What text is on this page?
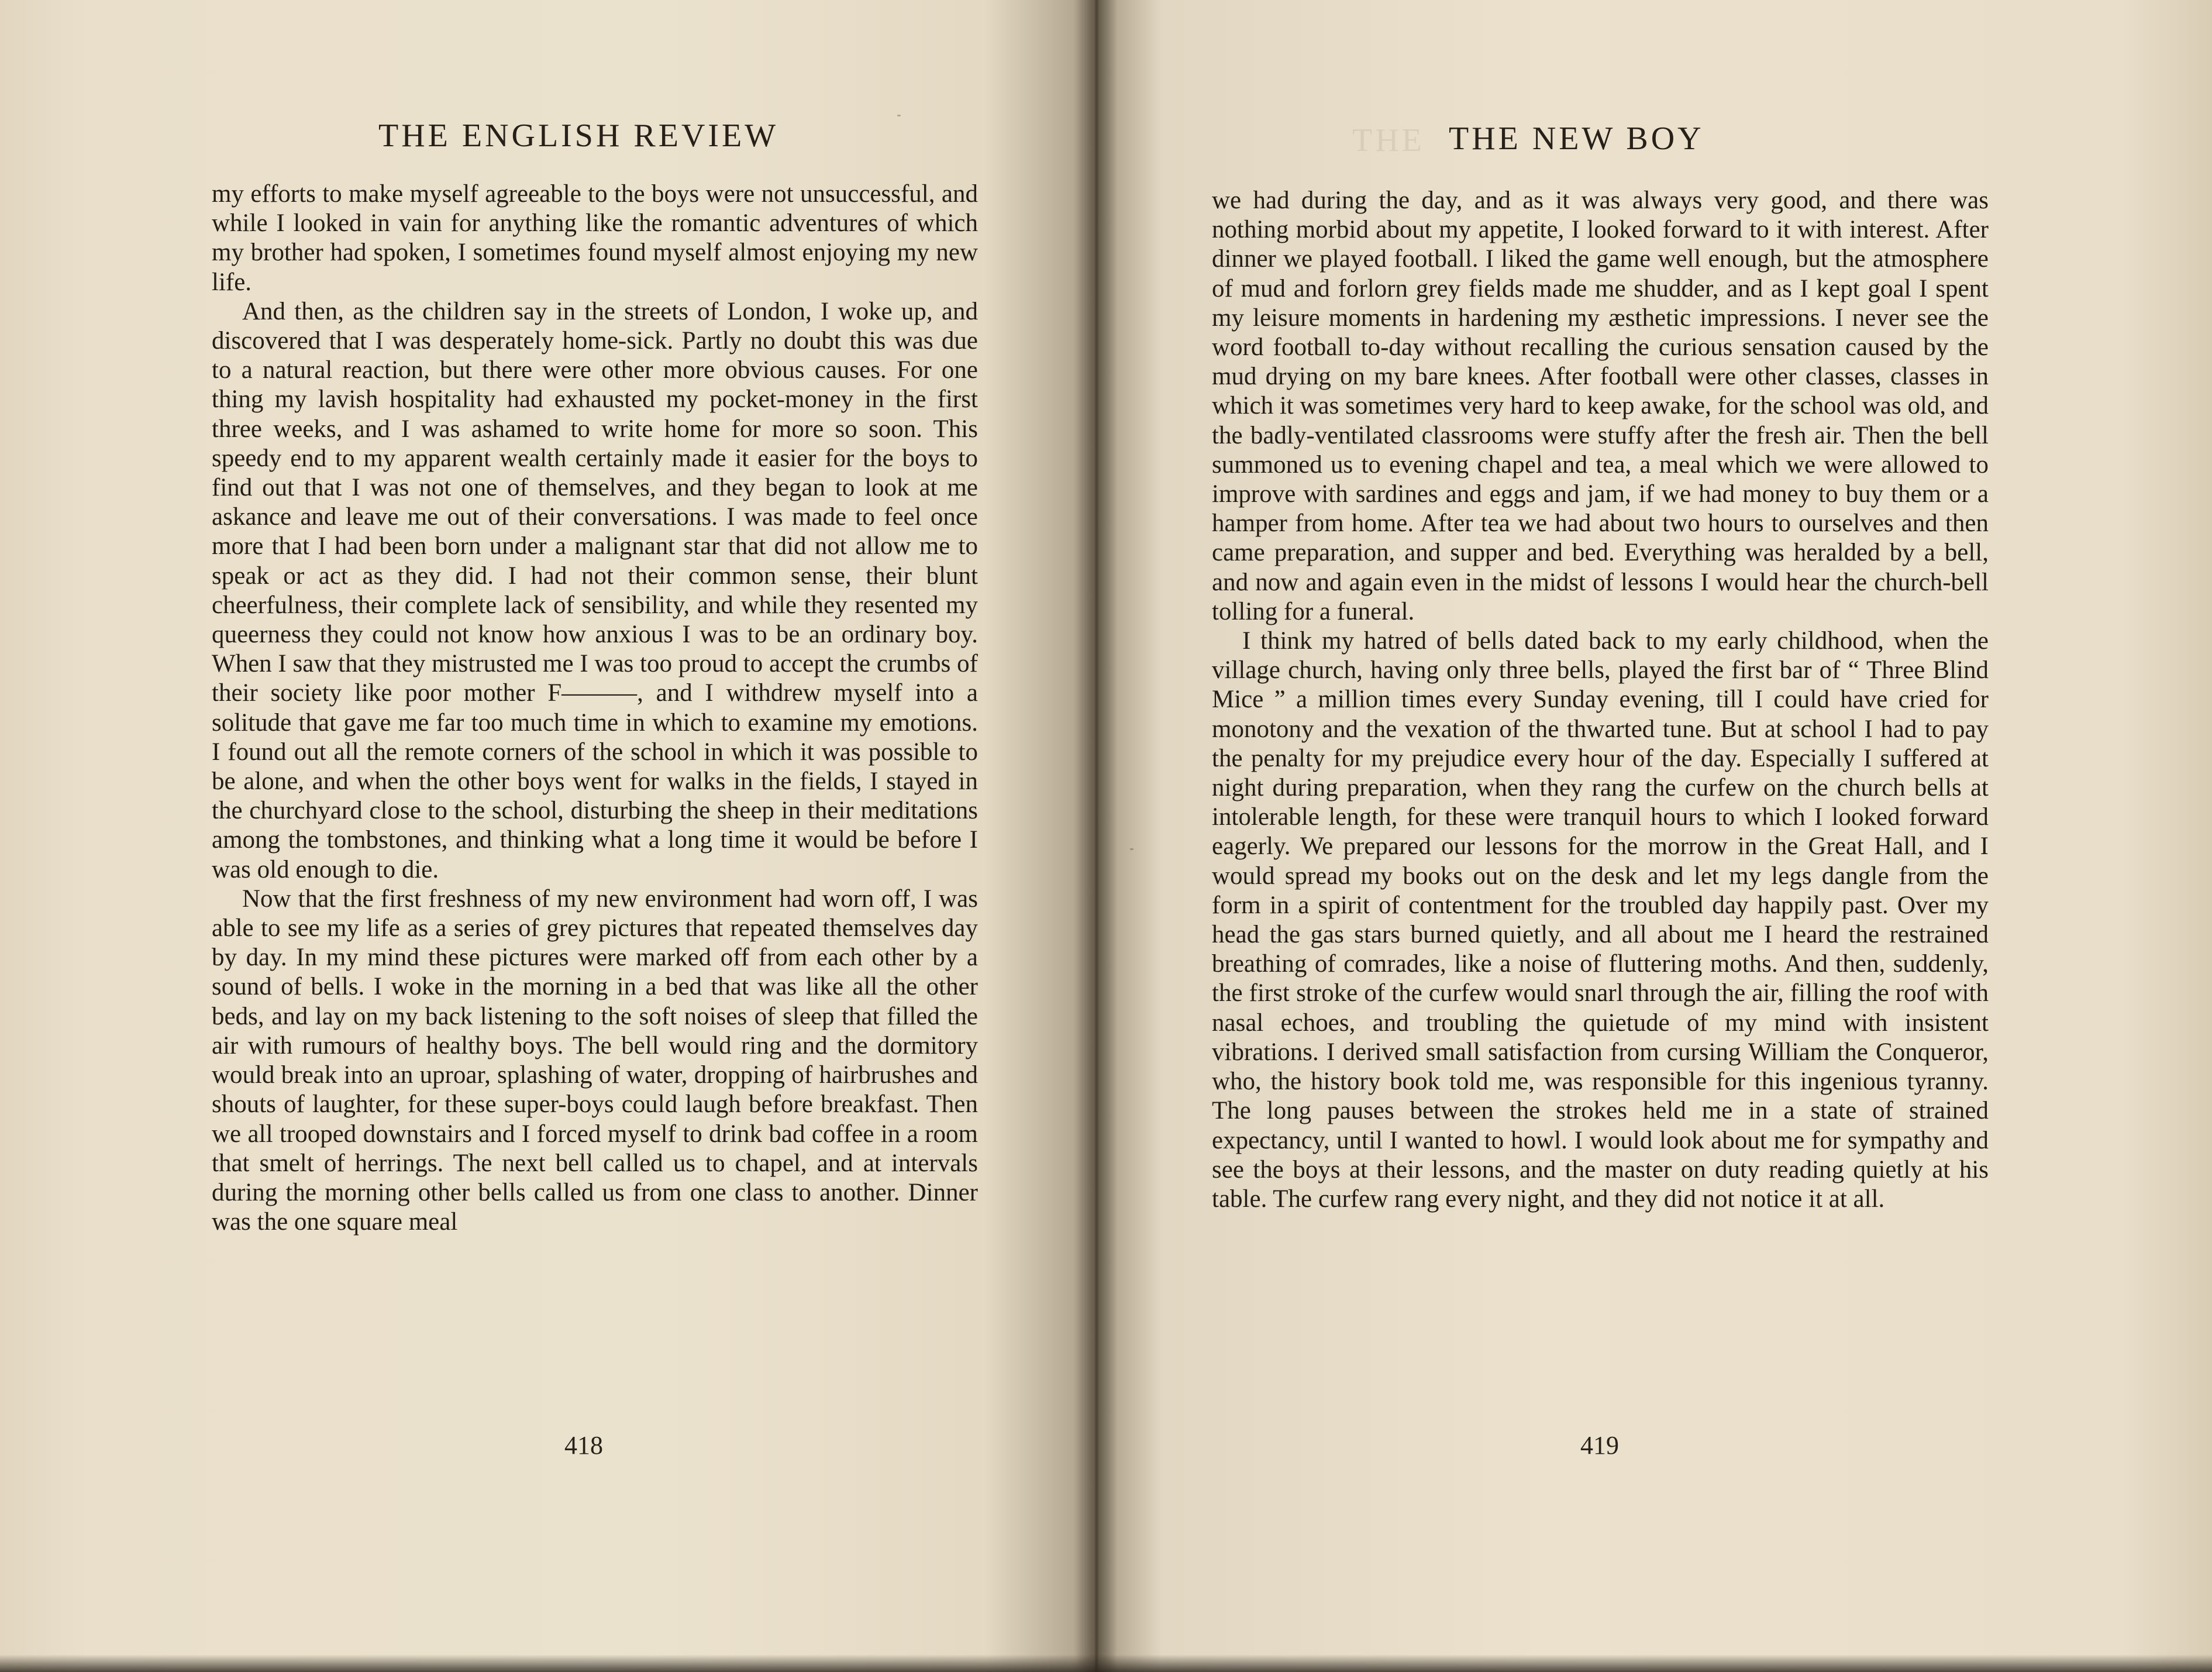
THE ENGLISH REVIEW

my efforts to make myself agreeable to the boys were not unsuccessful, and while I looked in vain for anything like the romantic adventures of which my brother had spoken, I sometimes found myself almost enjoying my new life.

And then, as the children say in the streets of London, I woke up, and discovered that I was desperately home-sick. Partly no doubt this was due to a natural reaction, but there were other more obvious causes. For one thing my lavish hospitality had exhausted my pocket-money in the first three weeks, and I was ashamed to write home for more so soon. This speedy end to my apparent wealth certainly made it easier for the boys to find out that I was not one of themselves, and they began to look at me askance and leave me out of their conversations. I was made to feel once more that I had been born under a malignant star that did not allow me to speak or act as they did. I had not their common sense, their blunt cheerfulness, their complete lack of sensibility, and while they resented my queerness they could not know how anxious I was to be an ordinary boy. When I saw that they mistrusted me I was too proud to accept the crumbs of their society like poor mother F———, and I withdrew myself into a solitude that gave me far too much time in which to examine my emotions. I found out all the remote corners of the school in which it was possible to be alone, and when the other boys went for walks in the fields, I stayed in the churchyard close to the school, disturbing the sheep in their meditations among the tombstones, and thinking what a long time it would be before I was old enough to die.

Now that the first freshness of my new environment had worn off, I was able to see my life as a series of grey pictures that repeated themselves day by day. In my mind these pictures were marked off from each other by a sound of bells. I woke in the morning in a bed that was like all the other beds, and lay on my back listening to the soft noises of sleep that filled the air with rumours of healthy boys. The bell would ring and the dormitory would break into an uproar, splashing of water, dropping of hairbrushes and shouts of laughter, for these super-boys could laugh before breakfast. Then we all trooped downstairs and I forced myself to drink bad coffee in a room that smelt of herrings. The next bell called us to chapel, and at intervals during the morning other bells called us from one class to another. Dinner was the one square meal

418
THE THE NEW BOY

we had during the day, and as it was always very good, and there was nothing morbid about my appetite, I looked forward to it with interest. After dinner we played football. I liked the game well enough, but the atmosphere of mud and forlorn grey fields made me shudder, and as I kept goal I spent my leisure moments in hardening my æsthetic impressions. I never see the word football to-day without recalling the curious sensation caused by the mud drying on my bare knees. After football were other classes, classes in which it was sometimes very hard to keep awake, for the school was old, and the badly-ventilated classrooms were stuffy after the fresh air. Then the bell summoned us to evening chapel and tea, a meal which we were allowed to improve with sardines and eggs and jam, if we had money to buy them or a hamper from home. After tea we had about two hours to ourselves and then came preparation, and supper and bed. Everything was heralded by a bell, and now and again even in the midst of lessons I would hear the church-bell tolling for a funeral.

I think my hatred of bells dated back to my early childhood, when the village church, having only three bells, played the first bar of “ Three Blind Mice ” a million times every Sunday evening, till I could have cried for monotony and the vexation of the thwarted tune. But at school I had to pay the penalty for my prejudice every hour of the day. Especially I suffered at night during preparation, when they rang the curfew on the church bells at intolerable length, for these were tranquil hours to which I looked forward eagerly. We prepared our lessons for the morrow in the Great Hall, and I would spread my books out on the desk and let my legs dangle from the form in a spirit of contentment for the troubled day happily past. Over my head the gas stars burned quietly, and all about me I heard the restrained breathing of comrades, like a noise of fluttering moths. And then, suddenly, the first stroke of the curfew would snarl through the air, filling the roof with nasal echoes, and troubling the quietude of my mind with insistent vibrations. I derived small satisfaction from cursing William the Conqueror, who, the history book told me, was responsible for this ingenious tyranny. The long pauses between the strokes held me in a state of strained expectancy, until I wanted to howl. I would look about me for sympathy and see the boys at their lessons, and the master on duty reading quietly at his table. The curfew rang every night, and they did not notice it at all.

419
